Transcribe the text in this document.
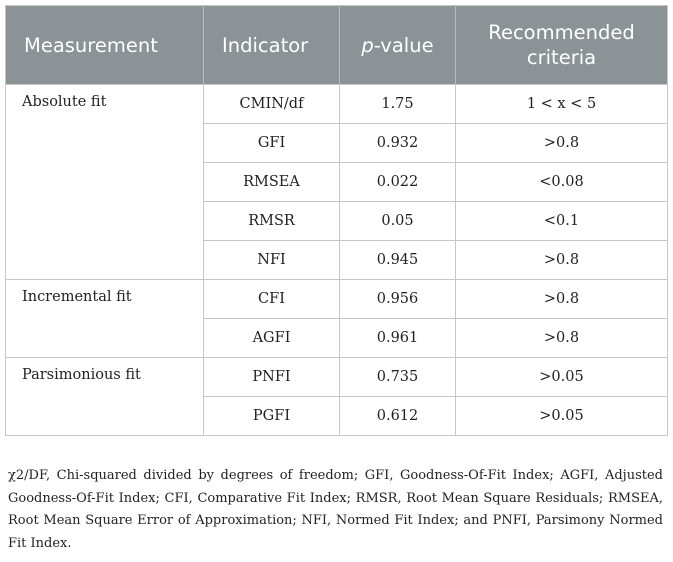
Measurement	Indicator	p-value	Recommended criteria
Absolute fit	CMIN/df	1.75	1 < x < 5
	GFI	0.932	>0.8
	RMSEA	0.022	<0.08
	RMSR	0.05	<0.1
	NFI	0.945	>0.8
Incremental fit	CFI	0.956	>0.8
	AGFI	0.961	>0.8
Parsimonious fit	PNFI	0.735	>0.05
	PGFI	0.612	>0.05
χ2/DF, Chi-squared divided by degrees of freedom; GFI, Goodness-Of-Fit Index; AGFI, Adjusted Goodness-Of-Fit Index; CFI, Comparative Fit Index; RMSR, Root Mean Square Residuals; RMSEA, Root Mean Square Error of Approximation; NFI, Normed Fit Index; and PNFI, Parsimony Normed Fit Index.
